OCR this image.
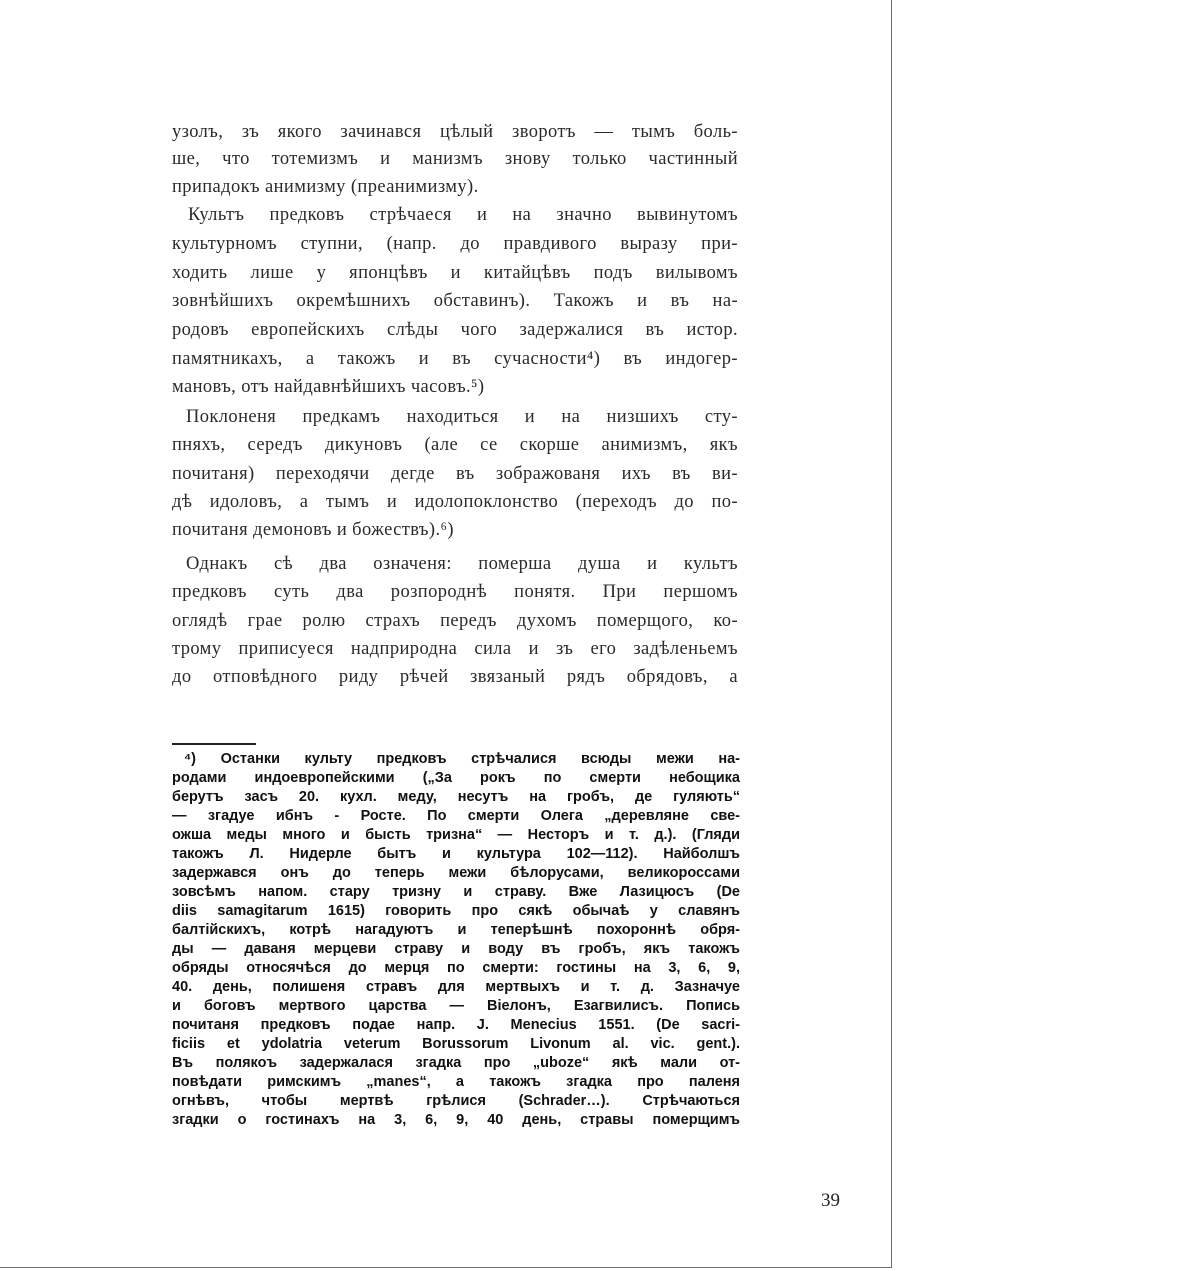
узолъ, зъ якого зачинався цѣлый зворотъ — тымъ боль-
ше, что тотемизмъ и манизмъ знову только частинный
припадокъ анимизму (преанимизму).
Культъ предковъ стрѣчаеся и на значно вывинутомъ
культурномъ ступни, (напр. до правдивого выразу при-
ходить лише у японцѣвъ и китайцѣвъ подъ вилывомъ
зовнѣйшихъ окремѣшнихъ обставинъ). Такожъ и въ на-
родовъ европейскихъ слѣды чого задержалися въ истор.
памятникахъ, а такожъ и въ сучасности⁴) въ индогер-
мановъ, отъ найдавнѣйшихъ часовъ.⁵)
Поклоненя предкамъ находиться и на низшихъ сту-
пняхъ, середъ дикуновъ (але се скорше анимизмъ, якъ
почитаня) переходячи дегде въ зображованя ихъ въ ви-
дѣ идоловъ, а тымъ и идолопоклонство (переходъ до по-
почитаня демоновъ и божествъ).⁶)
Однакъ сѣ два означеня: померша душа и культъ
предковъ суть два розпороднѣ понятя. При першомъ
оглядѣ грае ролю страхъ передъ духомъ померщого, ко-
трому приписуеся надприродна сила и зъ его задѣленьемъ
до отповѣдного риду рѣчей звязаный рядъ обрядовъ, а
⁴) Останки культу предковъ стрѣчалися всюды межи на-
родами индоевропейскими („За рокъ по смерти небощика
берутъ засъ 20. кухл. меду, несутъ на гробъ, де гуляють“
— згадуе ибнъ - Росте. По смерти Олега „деревляне све-
ожша меды много и бысть тризна“ — Несторъ и т. д.). (Гляди
такожъ Л. Нидерле бытъ и культура 102—112). Найболшъ
задержався онъ до теперь межи бѣлорусами, великороссами
зовсѣмъ напом. стару тризну и страву. Вже Лазицюсъ (De
diis samagitarum 1615) говорить про сякѣ обычаѣ у славянъ
балтійскихъ, котрѣ нагадуютъ и теперѣшнѣ похороннѣ обря-
ды — даваня мерцеви страву и воду въ гробъ, якъ такожъ
обряды относячѣся до мерця по смерти: гостины на 3, 6, 9,
40. день, полишеня стравъ для мертвыхъ и т. д. Зазначуе
и боговъ мертвого царства — Віелонъ, Езагвилисъ. Попись
почитаня предковъ подае напр. J. Menecius 1551. (De sacri-
ficiis et ydolatria veterum Borussorum Livonum al. vic. gent.).
Въ полякоъ задержалася згадка про „uboze“ якѣ мали от-
повѣдати римскимъ „manes“, а такожъ згадка про паленя
огнѣвъ, чтобы мертвѣ грѣлися (Schrader…). Стрѣчаються
згадки о гостинахъ на 3, 6, 9, 40 день, стравы померщимъ
39
